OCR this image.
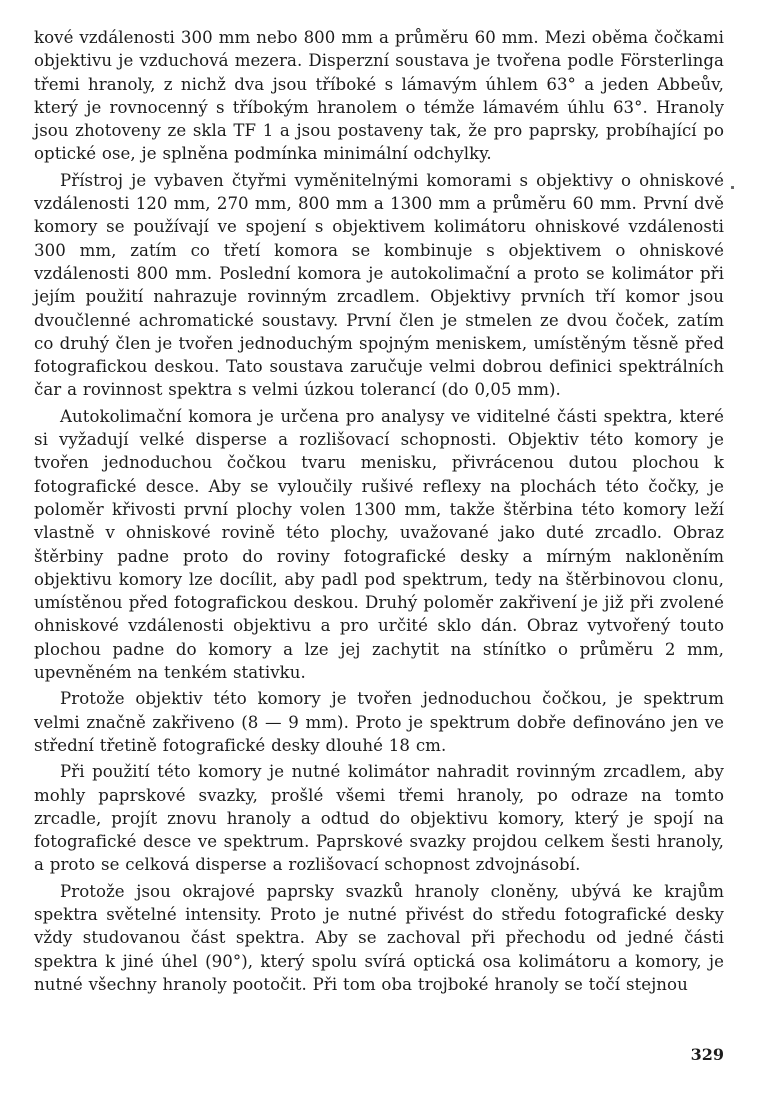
kové vzdálenosti 300 mm nebo 800 mm a průměru 60 mm. Mezi oběma čočkami objektivu je vzduchová mezera. Disperzní soustava je tvořena podle Försterlinga třemi hranoly, z nichž dva jsou tříboké s lámavým úhlem 63° a jeden Abbeův, který je rovnocenný s tříbokým hranolem o témže lámavém úhlu 63°. Hranoly jsou zhotoveny ze skla TF 1 a jsou postaveny tak, že pro paprsky, probíhající po optické ose, je splněna podmínka minimální odchylky.

Přístroj je vybaven čtyřmi vyměnitelnými komorami s objektivy o ohniskové vzdálenosti 120 mm, 270 mm, 800 mm a 1300 mm a průměru 60 mm. První dvě komory se používají ve spojení s objektivem kolimátoru ohniskové vzdálenosti 300 mm, zatím co třetí komora se kombinuje s objektivem o ohniskové vzdálenosti 800 mm. Poslední komora je autokolimační a proto se kolimátor při jejím použití nahrazuje rovinným zrcadlem. Objektivy prvních tří komor jsou dvoučlenné achromatické soustavy. První člen je stmelen ze dvou čoček, zatím co druhý člen je tvořen jednoduchým spojným meniskem, umístěným těsně před fotografickou deskou. Tato soustava zaručuje velmi dobrou definici spektrálních čar a rovinnost spektra s velmi úzkou tolerancí (do 0,05 mm).

Autokolimační komora je určena pro analysy ve viditelné části spektra, které si vyžadují velké disperse a rozlišovací schopnosti. Objektiv této komory je tvořen jednoduchou čočkou tvaru menisku, přivrácenou dutou plochou k fotografické desce. Aby se vyloučily rušivé reflexy na plochách této čočky, je poloměr křivosti první plochy volen 1300 mm, takže štěrbina této komory leží vlastně v ohniskové rovině této plochy, uvažované jako duté zrcadlo. Obraz štěrbiny padne proto do roviny fotografické desky a mírným nakloněním objektivu komory lze docílit, aby padl pod spektrum, tedy na štěrbinovou clonu, umístěnou před fotografickou deskou. Druhý poloměr zakřivení je již při zvolené ohniskové vzdálenosti objektivu a pro určité sklo dán. Obraz vytvořený touto plochou padne do komory a lze jej zachytit na stínítko o průměru 2 mm, upevněném na tenkém stativku.

Protože objektiv této komory je tvořen jednoduchou čočkou, je spektrum velmi značně zakřiveno (8 — 9 mm). Proto je spektrum dobře definováno jen ve střední třetině fotografické desky dlouhé 18 cm.

Při použití této komory je nutné kolimátor nahradit rovinným zrcadlem, aby mohly paprskové svazky, prošlé všemi třemi hranoly, po odraze na tomto zrcadle, projít znovu hranoly a odtud do objektivu komory, který je spojí na fotografické desce ve spektrum. Paprskové svazky projdou celkem šesti hranoly, a proto se celková disperse a rozlišovací schopnost zdvojnásobí.

Protože jsou okrajové paprsky svazků hranoly cloněny, ubývá ke krajům spektra světelné intensity. Proto je nutné přivést do středu fotografické desky vždy studovanou část spektra. Aby se zachoval při přechodu od jedné části spektra k jiné úhel (90°), který spolu svírá optická osa kolimátoru a komory, je nutné všechny hranoly pootočit. Při tom oba trojboké hranoly se točí stejnou

329
